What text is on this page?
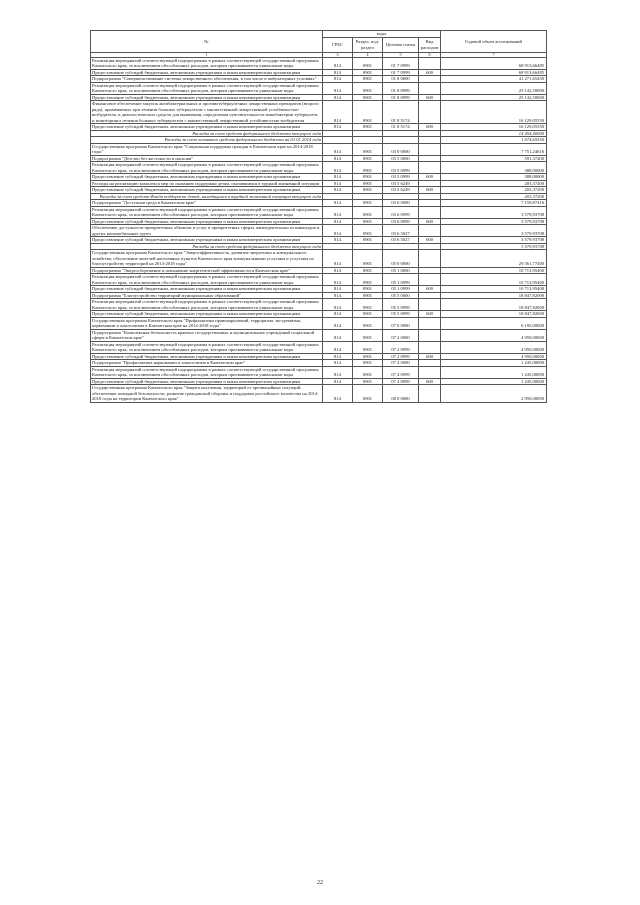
№	коды				Годовой объем ассигнований
	ГРБС	Раздел, под-раздел	Целевая статья	Вид расходов	
1	3	4	5	6	7
Реализация мероприятий соответствующей подпрограммы в рамках соответствующей государственной программы Камчатского края, за исключением обособленных расходов, которым присваиваются уникальные коды	814	0901	01 7 0999		68 913,66485
Предоставление субсидий бюджетным, автономным учреждениям и иным некоммерческим организациям	814	0901	01 7 0999	600	68 913,66485
Подпрограмма "Совершенствование системы лекарственного обеспечения, в том числе в амбулаторных условиях"	814	0901	01 8 0000		41 271,65450
Реализация мероприятий соответствующей подпрограммы в рамках соответствующей государственной программы Камчатского края, за исключением обособленных расходов, которым присваиваются уникальные коды	814	0901	01 8 0999		25 142,50000
Предоставление субсидий бюджетным, автономным учреждениям и иным некоммерческим организациям	814	0901	01 8 0999	600	25 142,50000
Финансовое обеспечение закупок антибактериальных и противотуберкулезных лекарственных препаратов (второго ряда), применяемых при лечении больных туберкулезом с множественной лекарственной устойчивостью возбудителя, и диагностических средств для выявления, определения чувствительности микобактерии туберкулеза и мониторинга лечения больных туберкулезом с множественной лекарственной устойчивостью возбудителя	814	0901	01 8 5174		16 129,05550
Предоставление субсидий бюджетным, автономным учреждениям и иным некоммерческим организациям	814	0901	01 8 5174	600	16 129,05550
Расходы за счет средств федерального бюджета текущего года					14 454,40000
Расходы за счет остатков средств федерального бюджета на 01.01.2014 года					1 674,65550
Государственная программа Камчатского края "Социальная поддержка граждан в Камчатском крае на 2014-2018 годы"	814	0901	03 0 0000		7 751,24616
Подпрограмма "Детство без жестокости и насилия"	814	0901	03 5 0000		591,37200
Реализация мероприятий соответствующей подпрограммы в рамках соответствующей государственной программы Камчатского края, за исключением обособленных расходов, которым присваиваются уникальные коды	814	0901	03 5 0999		388,00000
Предоставление субсидий бюджетным, автономным учреждениям и иным некоммерческим организациям	814	0901	03 5 0999	600	388,00000
Расходы на реализацию комплекса мер по оказанию поддержки детям, оказавшимся в трудной жизненной ситуации	814	0901	03 5 6249		203,37200
Предоставление субсидий бюджетным, автономным учреждениям и иным некоммерческим организациям	814	0901	03 5 6249	600	203,37200
Расходы за счет средств Фонда поддержки детей, находящихся в трудной жизненной ситуации текущего года					203,37200
Подпрограмма "Доступная среда в Камчатском крае"	814	0901	03 6 0000		7 159,87416
Реализация мероприятий соответствующей подпрограммы в рамках соответствующей государственной программы Камчатского края, за исключением обособленных расходов, которым присваиваются уникальные коды	814	0901	03 6 0999		3 579,93708
Предоставление субсидий бюджетным, автономным учреждениям и иным некоммерческим организациям	814	0901	03 6 0999	600	3 579,93708
Обеспечение доступности приоритетных объектов и услуг в приоритетных сферах жизнедеятельности инвалидов и других маломобильных групп	814	0901	03 6 5027		3 579,93708
Предоставление субсидий бюджетным, автономным учреждениям и иным некоммерческим организациям	814	0901	03 6 5027	600	3 579,93708
Расходы за счет средств федерального бюджета текущего года					3 579,93708
Государственная программа Камчатского края "Энергоэффективность, развитие энергетики и коммунального хозяйства, обеспечение жителей населенных пунктов Камчатского края коммунальными услугами и услугами по благоустройству территорий на 2014-2018 годы"	814	0901	05 0 0000		29 561,77400
Подпрограмма "Энергосбережение и повышение энергетической эффективности в Камчатском крае"	814	0901	05 1 0000		10 713,95400
Реализация мероприятий соответствующей подпрограммы в рамках соответствующей государственной программы Камчатского края, за исключением обособленных расходов, которым присваиваются уникальные коды	814	0901	05 1 0999		10 713,95400
Предоставление субсидий бюджетным, автономным учреждениям и иным некоммерческим организациям	814	0901	05 1 0999	600	10 713,95400
Подпрограмма "Благоустройство территорий муниципальных образований"	814	0901	05 5 0000		18 847,82000
Реализация мероприятий соответствующей подпрограммы в рамках соответствующей государственной программы Камчатского края, за исключением обособленных расходов, которым присваиваются уникальные коды	814	0901	05 5 0999		18 847,82000
Предоставление субсидий бюджетным, автономным учреждениям и иным некоммерческим организациям	814	0901	05 5 0999	600	18 847,82000
Государственная программа Камчатского края "Профилактика правонарушений, терроризма, экстремизма, наркомании и алкоголизма в Камчатском крае на 2014-2018 годы"	814	0901	07 0 0000		6 195,00000
Подпрограмма "Комплексная безопасность краевых государственных и муниципальных учреждений социальной сферы в Камчатском крае"	814	0901	07 2 0000		4 950,00000
Реализация мероприятий соответствующей подпрограммы в рамках соответствующей государственной программы Камчатского края, за исключением обособленных расходов, которым присваиваются уникальные коды	814	0901	07 2 0999		4 950,00000
Предоставление субсидий бюджетным, автономным учреждениям и иным некоммерческим организациям	814	0901	07 2 0999	600	4 950,00000
Подпрограмма "Профилактика наркомании и алкоголизма в Камчатском крае"	814	0901	07 4 0000		1 245,00000
Реализация мероприятий соответствующей подпрограммы в рамках соответствующей государственной программы Камчатского края, за исключением обособленных расходов, которым присваиваются уникальные коды	814	0901	07 4 0999		1 245,00000
Предоставление субсидий бюджетным, автономным учреждениям и иным некоммерческим организациям	814	0901	07 4 0999	600	1 245,00000
Государственная программа Камчатского края "Защита населения, территорий от чрезвычайных ситуаций, обеспечение пожарной безопасности, развитие гражданской обороны и поддержка российского казачества на 2014-2018 годы на территории Камчатского края"	814	0901	08 0 0000		2 950,00000
22
